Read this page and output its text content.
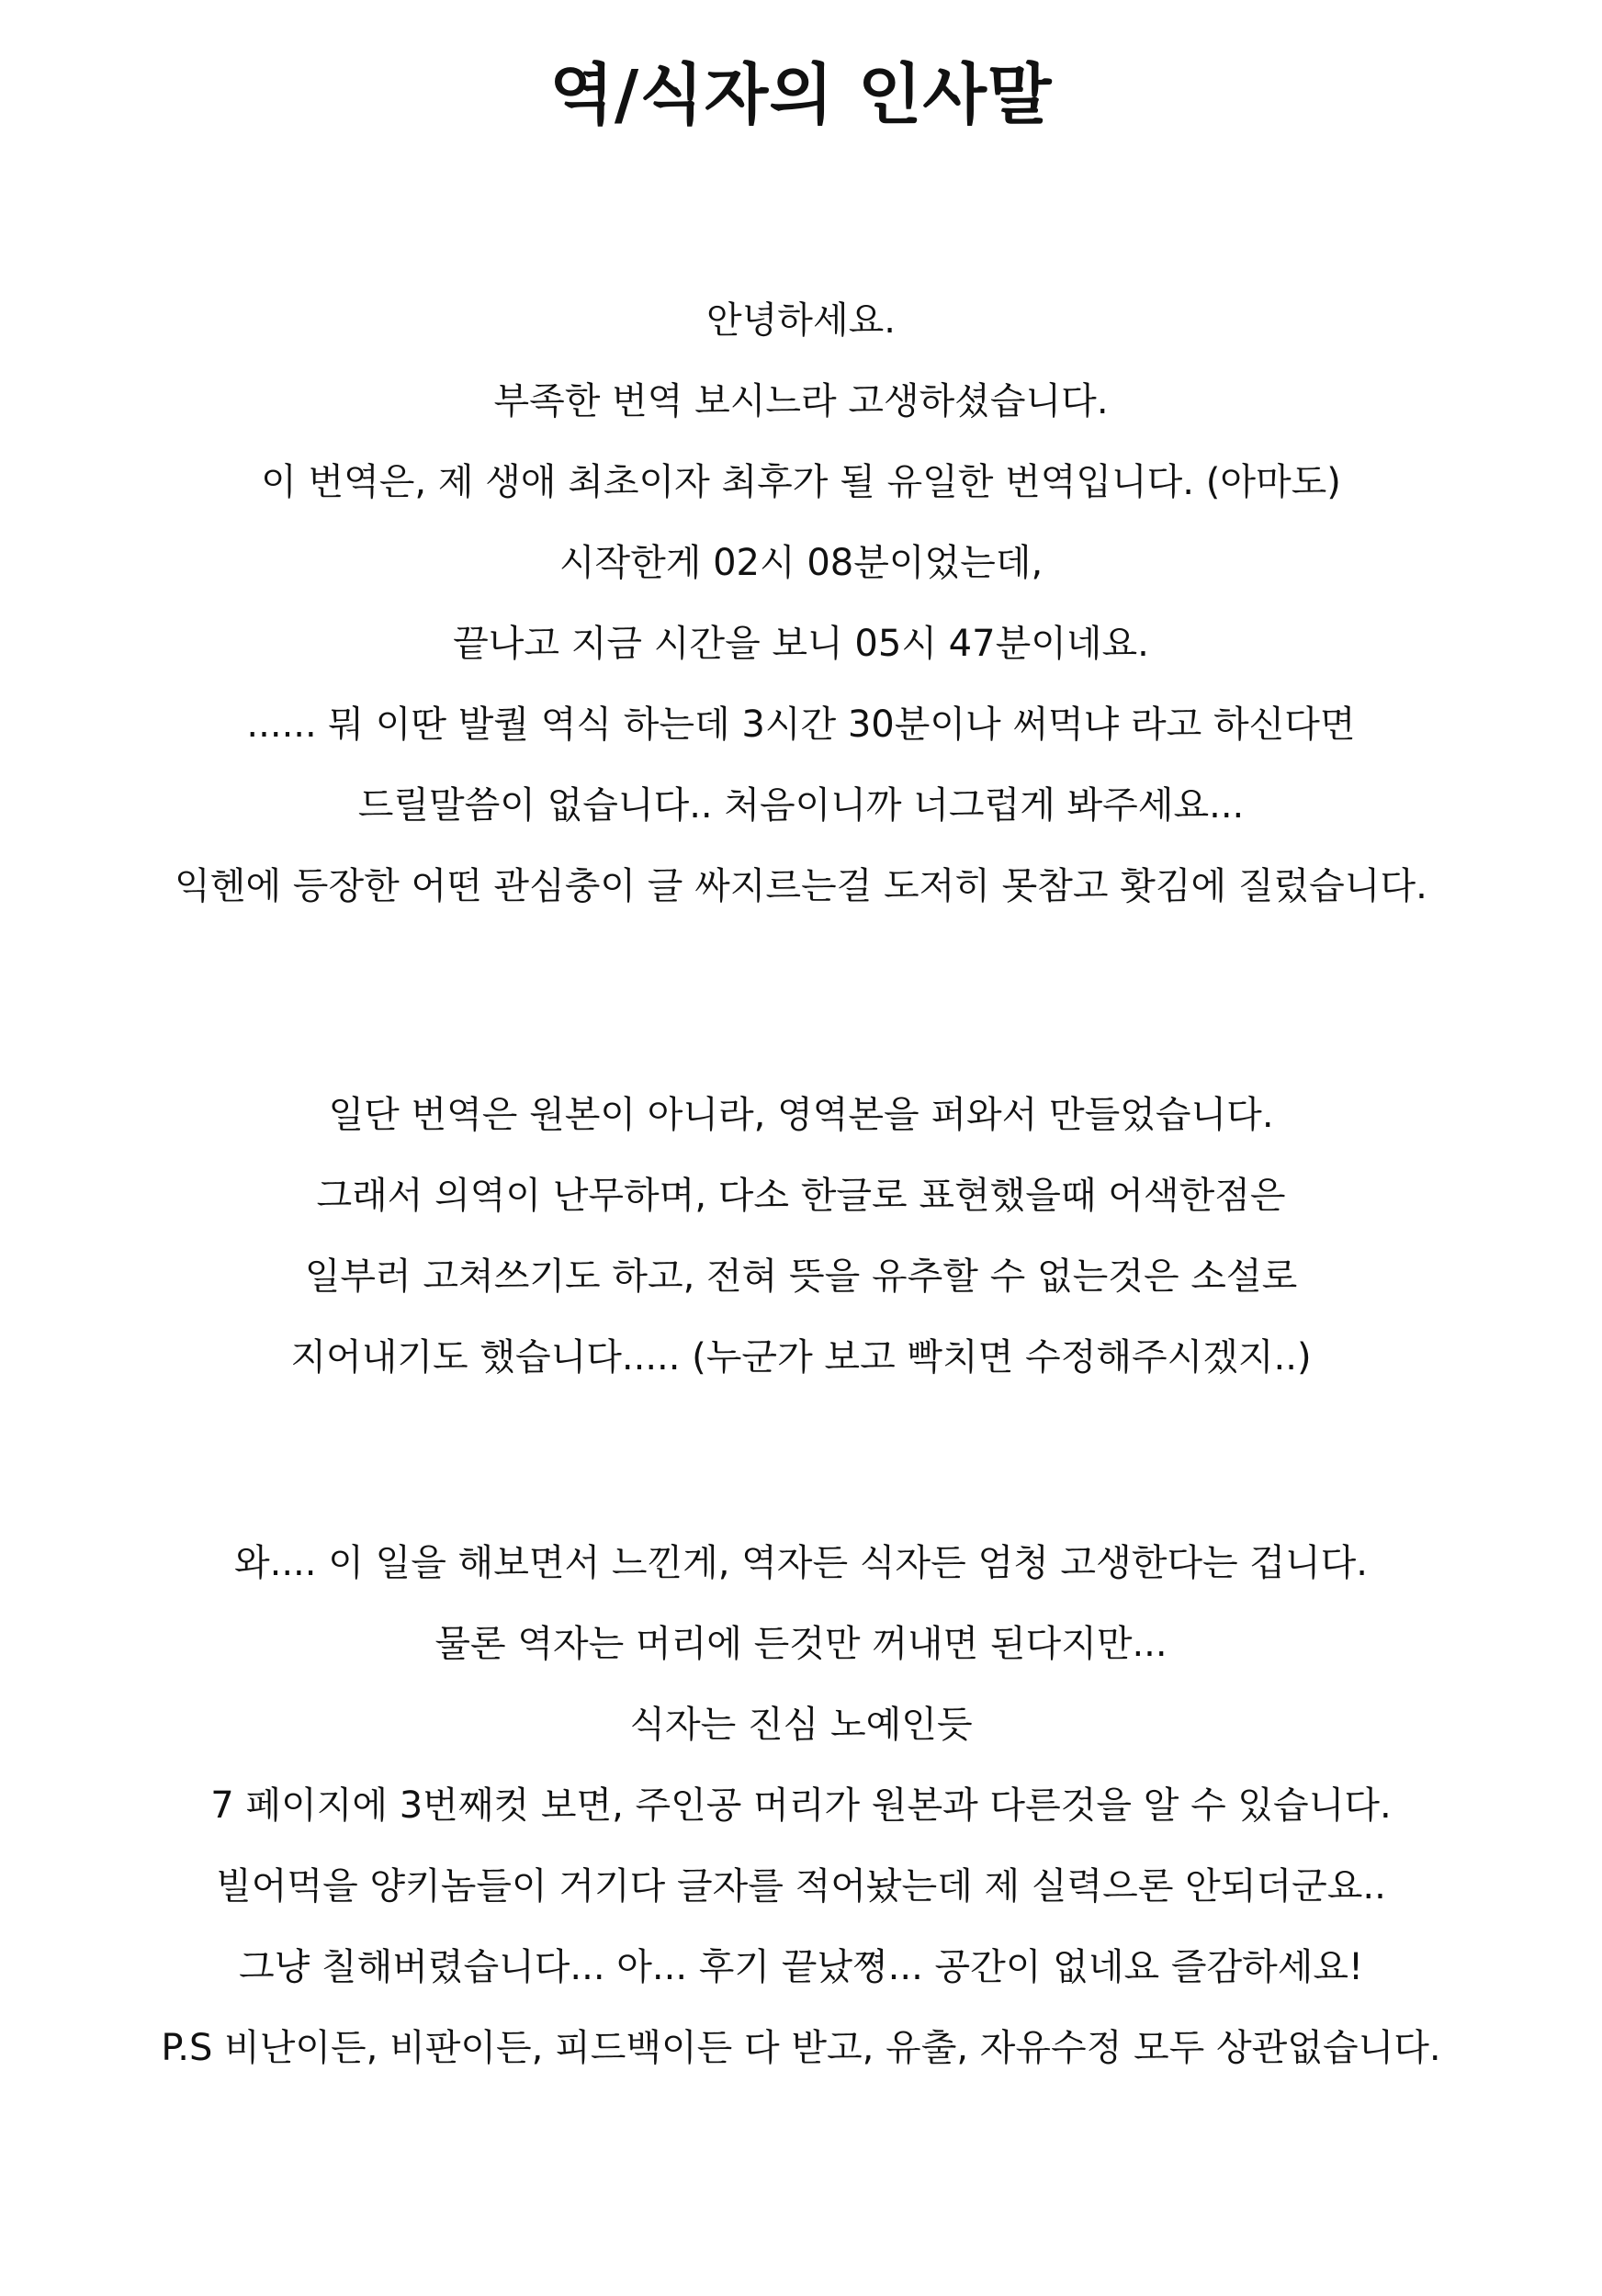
역/식자의 인사말
안녕하세요.
부족한 번역 보시느라 고생하셨습니다.
이 번역은, 제 생애 최초이자 최후가 될 유일한 번역입니다. (아마도)
시작한게 02시 08분이었는데,
끝나고 지금 시간을 보니 05시 47분이네요.
...... 뭐 이딴 발퀄 역식 하는데 3시간 30분이나 써먹냐 라고 하신다면
드릴말씀이 없습니다.. 처음이니까 너그럽게 봐주세요...
익헨에 등장한 어떤 관심충이 글 싸지르는걸 도저히 못참고 홧김에 질렀습니다.
일단 번역은 원본이 아니라, 영역본을 퍼와서 만들었습니다.
그래서 의역이 난무하며, 다소 한글로 표현했을때 어색한점은
일부러 고쳐쓰기도 하고, 전혀 뜻을 유추할 수 없는것은 소설로
지어내기도 했습니다..... (누군가 보고 빡치면 수정해주시겠지..)
와.... 이 일을 해보면서 느낀게, 역자든 식자든 엄청 고생한다는 겁니다.
물론 역자는 머리에 든것만 꺼내면 된다지만...
식자는 진심 노예인듯
7 페이지에 3번째컷 보면, 주인공 머리가 원본과 다른것을 알 수 있습니다.
빌어먹을 양키놈들이 거기다 글자를 적어놨는데 제 실력으론 안되더군요..
그냥 칠해버렸습니다... 아... 후기 끝났쪙... 공간이 없네요 즐감하세요!
P.S 비난이든, 비판이든, 피드백이든 다 받고, 유출, 자유수정 모두 상관없습니다.
